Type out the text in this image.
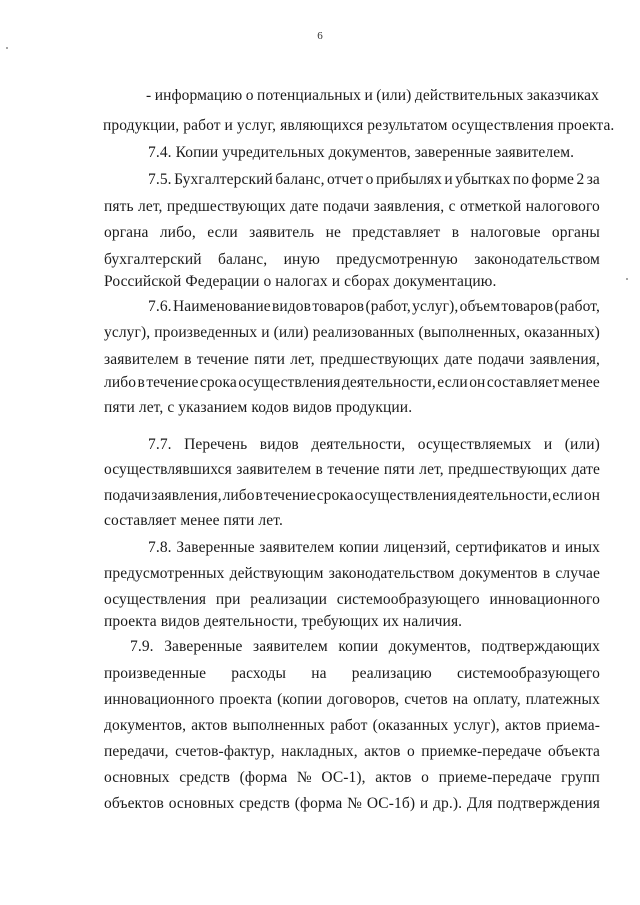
6
- информацию о потенциальных и (или) действительных заказчиках
продукции, работ и услуг, являющихся результатом осуществления проекта.
7.4. Копии учредительных документов, заверенные заявителем.
7.5. Бухгалтерский баланс, отчет о прибылях и убытках по форме 2 за
пять лет, предшествующих дате подачи заявления, с отметкой налогового
органа либо, если заявитель не представляет в налоговые органы
бухгалтерский баланс, иную предусмотренную законодательством
Российской Федерации о налогах и сборах документацию.
7.6. Наименование видов товаров (работ, услуг), объем товаров (работ,
услуг), произведенных и (или) реализованных (выполненных, оказанных)
заявителем в течение пяти лет, предшествующих дате подачи заявления,
либо в течение срока осуществления деятельности, если он составляет менее
пяти лет, с указанием кодов видов продукции.
7.7. Перечень видов деятельности, осуществляемых и (или)
осуществлявшихся заявителем в течение пяти лет, предшествующих дате
подачи заявления, либо в течение срока осуществления деятельности, если он
составляет менее пяти лет.
7.8. Заверенные заявителем копии лицензий, сертификатов и иных
предусмотренных действующим законодательством документов в случае
осуществления при реализации системообразующего инновационного
проекта видов деятельности, требующих их наличия.
7.9. Заверенные заявителем копии документов, подтверждающих
произведенные расходы на реализацию системообразующего
инновационного проекта (копии договоров, счетов на оплату, платежных
документов, актов выполненных работ (оказанных услуг), актов приема-
передачи, счетов-фактур, накладных, актов о приемке-передаче объекта
основных средств (форма № ОС-1), актов о приеме-передаче групп
объектов основных средств (форма № ОС-1б) и др.). Для подтверждения
